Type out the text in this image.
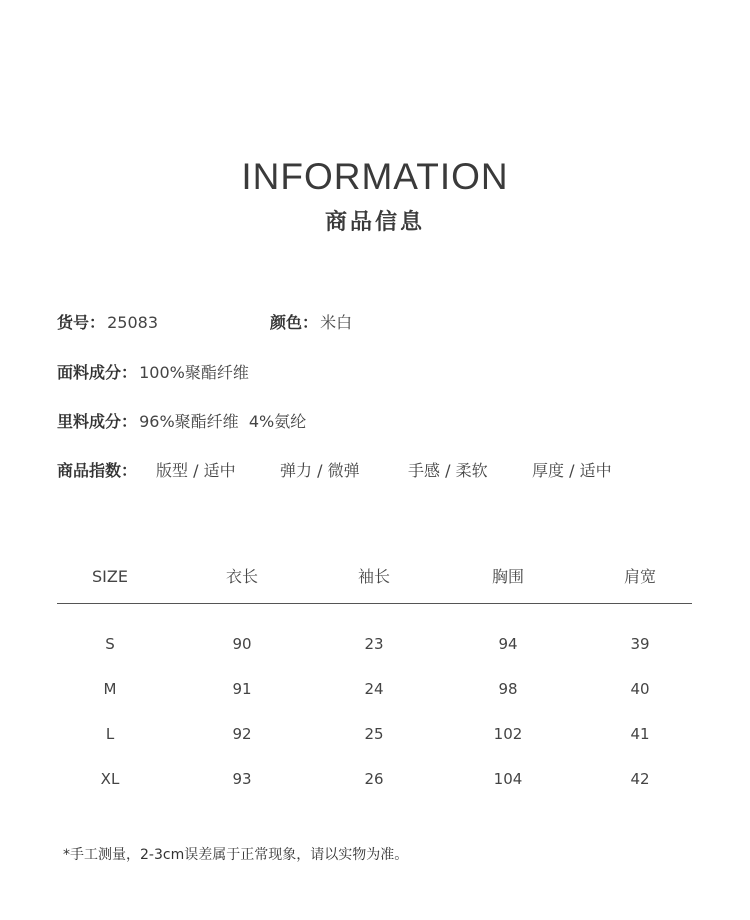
INFORMATION
商品信息
货号： 25083	颜色： 米白
面料成分： 100%聚酯纤维
里料成分： 96%聚酯纤维  4%氨纶
商品指数： 版型 / 适中	弹力 / 微弹	手感 / 柔软	厚度 / 适中
SIZE	衣长	袖长	胸围	肩宽
S	90	23	94	39
M	91	24	98	40
L	92	25	102	41
XL	93	26	104	42
*手工测量，2-3cm误差属于正常现象，请以实物为准。
